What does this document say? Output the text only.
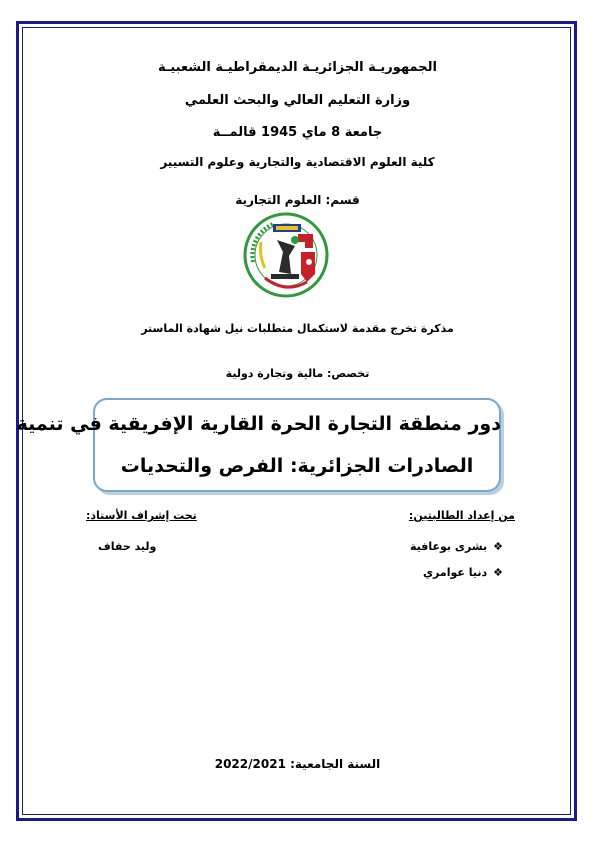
الجمهوريـة الجزائريـة الديمقراطيـة الشعبيـة
وزارة التعليم العالي والبحث العلمي
جامعة 8 ماي 1945 قالمــة
كلية العلوم الاقتصادية والتجارية وعلوم التسيير
قسم: العلوم التجارية
مذكرة تخرج مقدمة لاستكمال متطلبات نيل شهادة الماستر
تخصص: مالية وتجارة دولية
دور منطقة التجارة الحرة القارية الإفريقية في تنمية
الصادرات الجزائرية: الفرص والتحديات
من إعداد الطالبتين:
تحت إشراف الأستاذ:
❖بشرى بوعافية
❖دنيا عوامري
وليد حفاف
السنة الجامعية: 2022/2021
